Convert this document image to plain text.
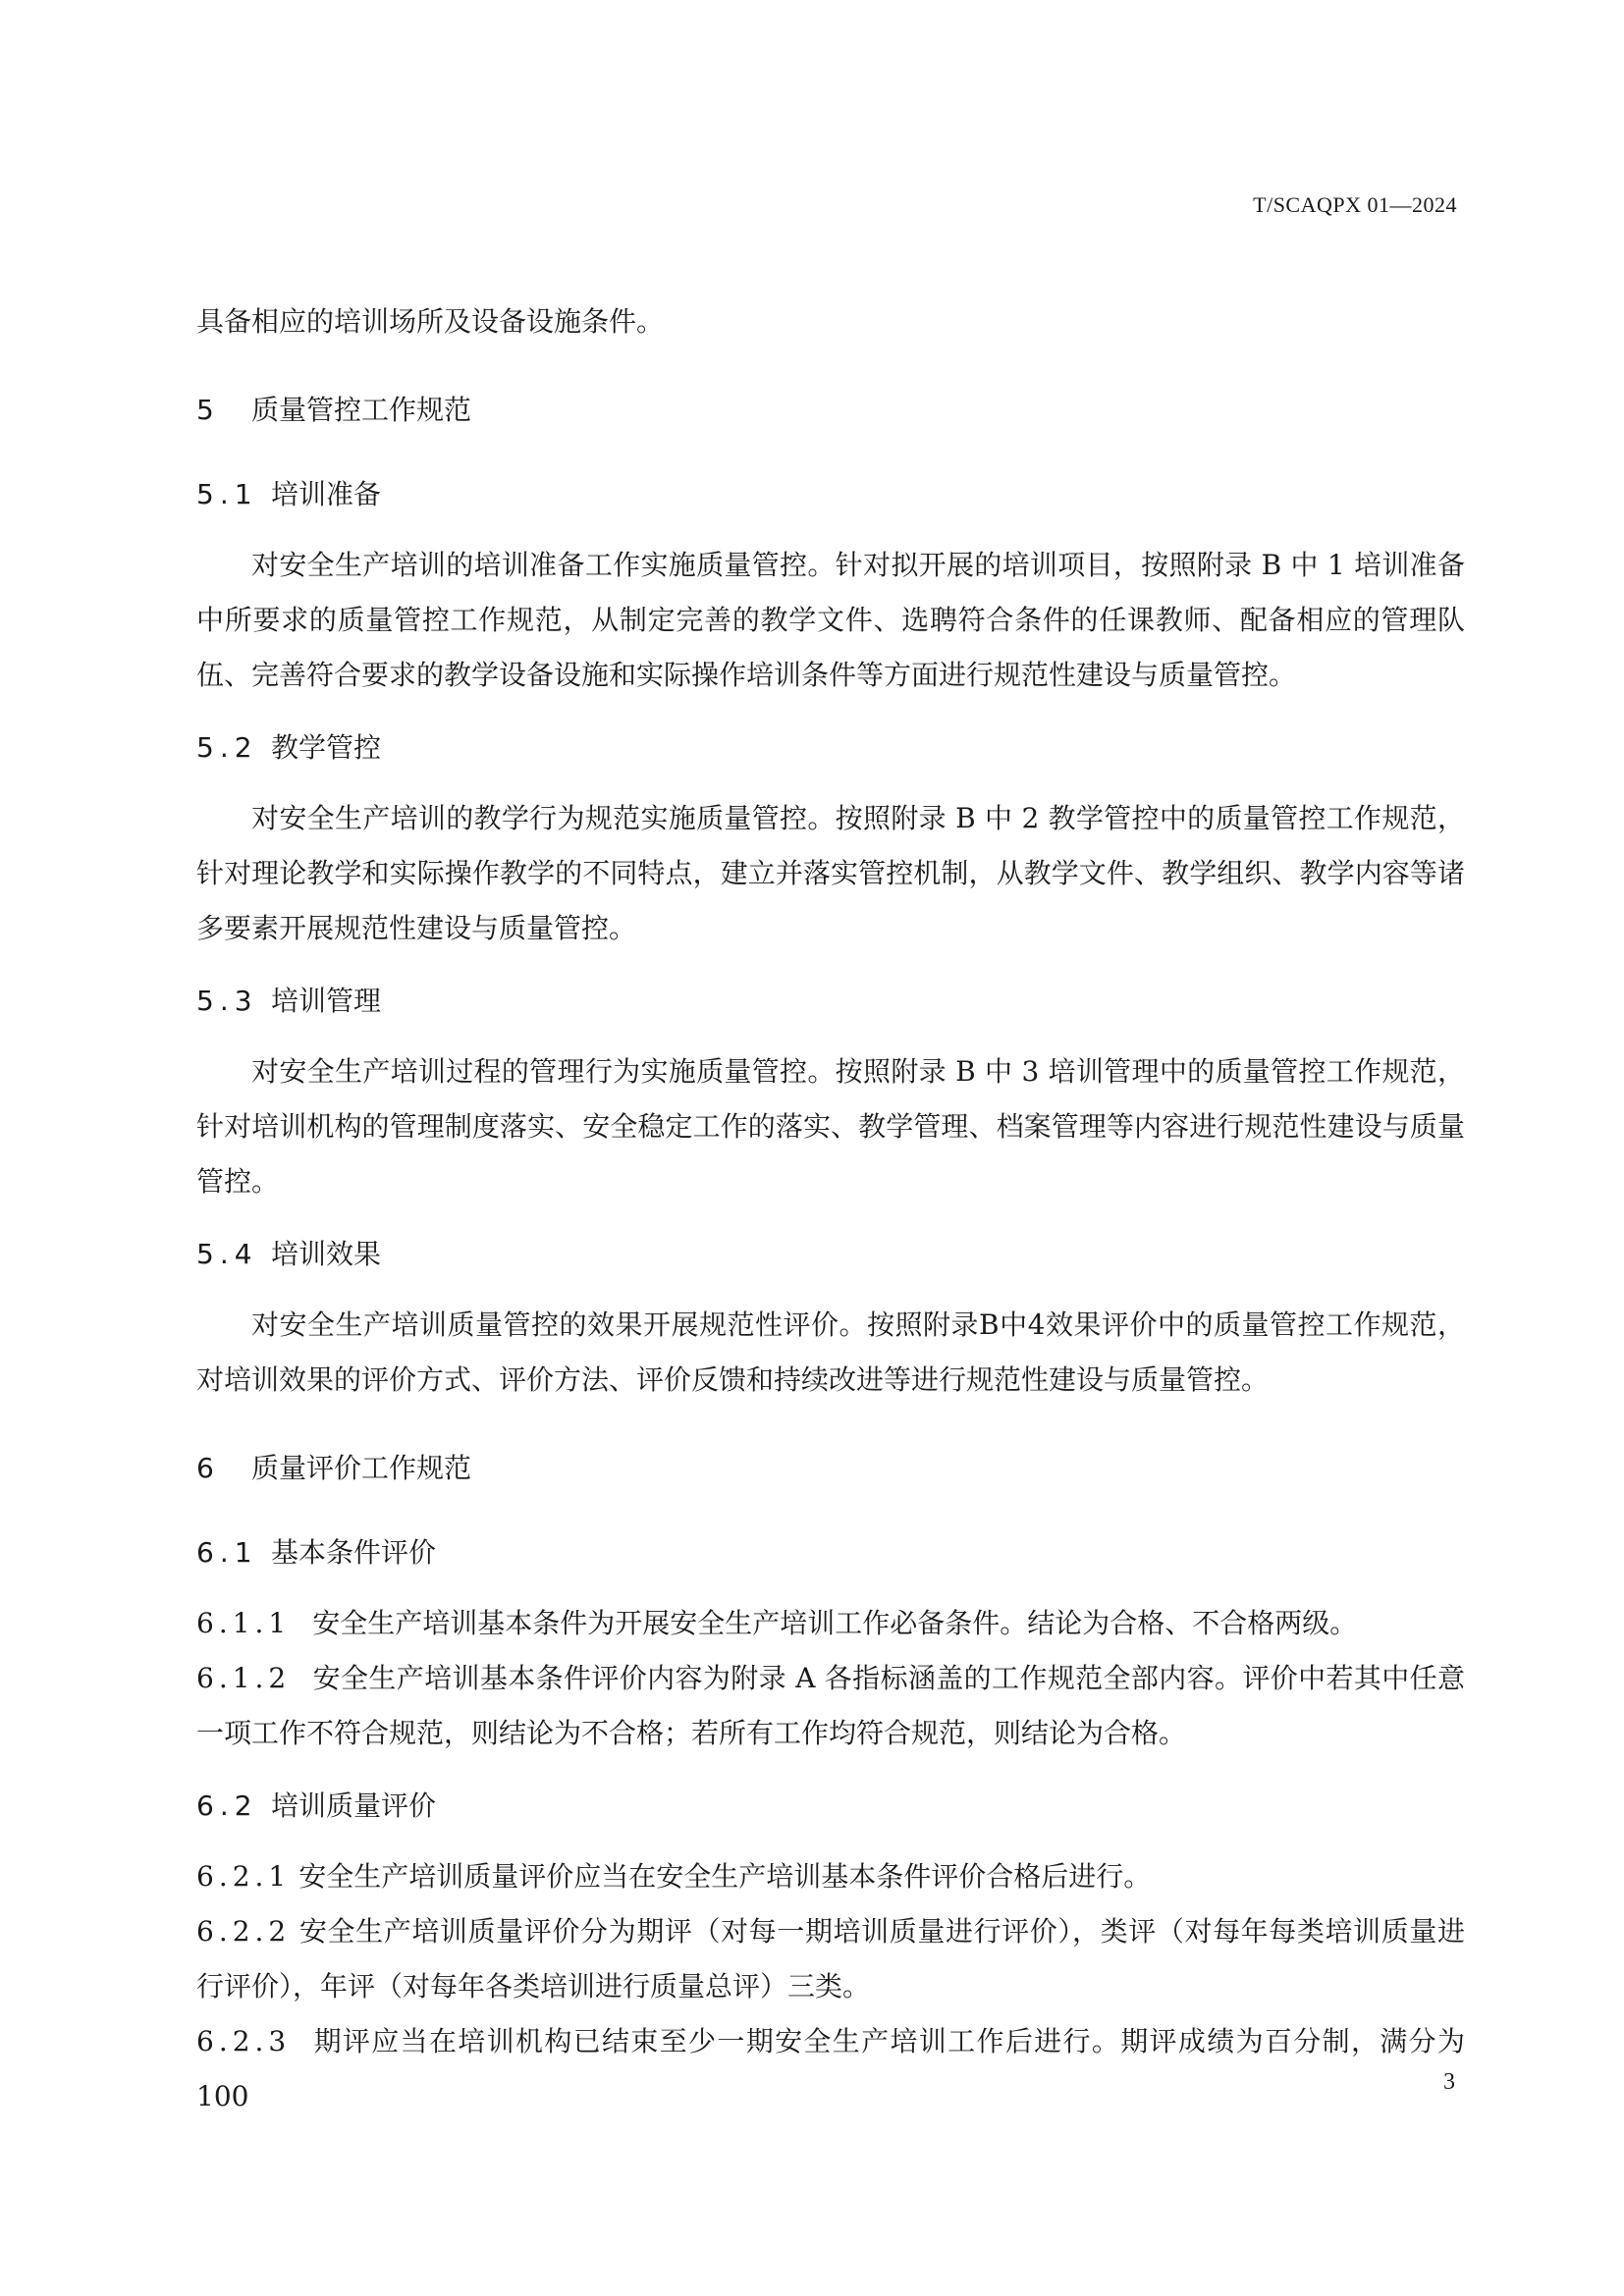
T/SCAQPX 01—2024

具备相应的培训场所及设备设施条件。

5 质量管控工作规范
5.1 培训准备

对安全生产培训的培训准备工作实施质量管控。针对拟开展的培训项目，按照附录 B 中 1 培训准备中所要求的质量管控工作规范，从制定完善的教学文件、选聘符合条件的任课教师、配备相应的管理队伍、完善符合要求的教学设备设施和实际操作培训条件等方面进行规范性建设与质量管控。

5.2 教学管控

对安全生产培训的教学行为规范实施质量管控。按照附录 B 中 2 教学管控中的质量管控工作规范，针对理论教学和实际操作教学的不同特点，建立并落实管控机制，从教学文件、教学组织、教学内容等诸多要素开展规范性建设与质量管控。

5.3 培训管理

对安全生产培训过程的管理行为实施质量管控。按照附录 B 中 3 培训管理中的质量管控工作规范，针对培训机构的管理制度落实、安全稳定工作的落实、教学管理、档案管理等内容进行规范性建设与质量管控。

5.4 培训效果

对安全生产培训质量管控的效果开展规范性评价。按照附录B中4效果评价中的质量管控工作规范，对培训效果的评价方式、评价方法、评价反馈和持续改进等进行规范性建设与质量管控。

6 质量评价工作规范
6.1 基本条件评价

6.1.1 安全生产培训基本条件为开展安全生产培训工作必备条件。结论为合格、不合格两级。

6.1.2 安全生产培训基本条件评价内容为附录 A 各指标涵盖的工作规范全部内容。评价中若其中任意一项工作不符合规范，则结论为不合格；若所有工作均符合规范，则结论为合格。

6.2 培训质量评价

6.2.1 安全生产培训质量评价应当在安全生产培训基本条件评价合格后进行。

6.2.2 安全生产培训质量评价分为期评（对每一期培训质量进行评价），类评（对每年每类培训质量进行评价），年评（对每年各类培训进行质量总评）三类。

6.2.3 期评应当在培训机构已结束至少一期安全生产培训工作后进行。期评成绩为百分制，满分为 100	3
